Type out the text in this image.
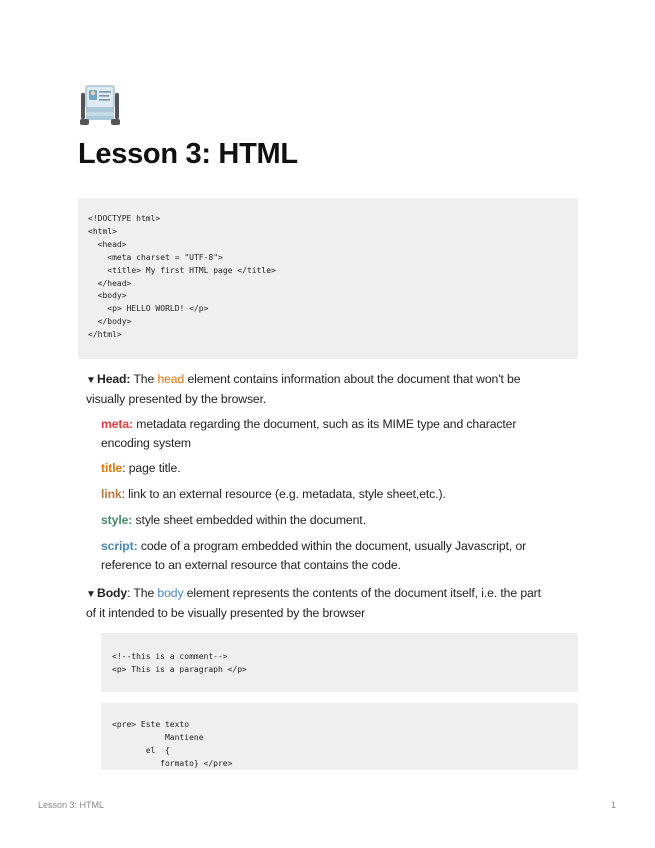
Lesson 3: HTML
<!DOCTYPE html>
<html>
<head>
<meta charset = "UTF-8">
<title> My first HTML page </title>
</head>
<body>
<p> HELLO WORLD! </p>
</body>
</html>
▼Head: The head element contains information about the document that won't be
visually presented by the browser.
meta: metadata regarding the document, such as its MIME type and character
encoding system
title: page title.
link: link to an external resource (e.g. metadata, style sheet,etc.).
style: style sheet embedded within the document.
script: code of a program embedded within the document, usually Javascript, or
reference to an external resource that contains the code.
▼Body: The body element represents the contents of the document itself, i.e. the part
of it intended to be visually presented by the browser
<!--this is a comment-->
<p> This is a paragraph </p>
<pre> Este texto
Mantiene
el  {
formato} </pre>
Lesson 3: HTML	1
